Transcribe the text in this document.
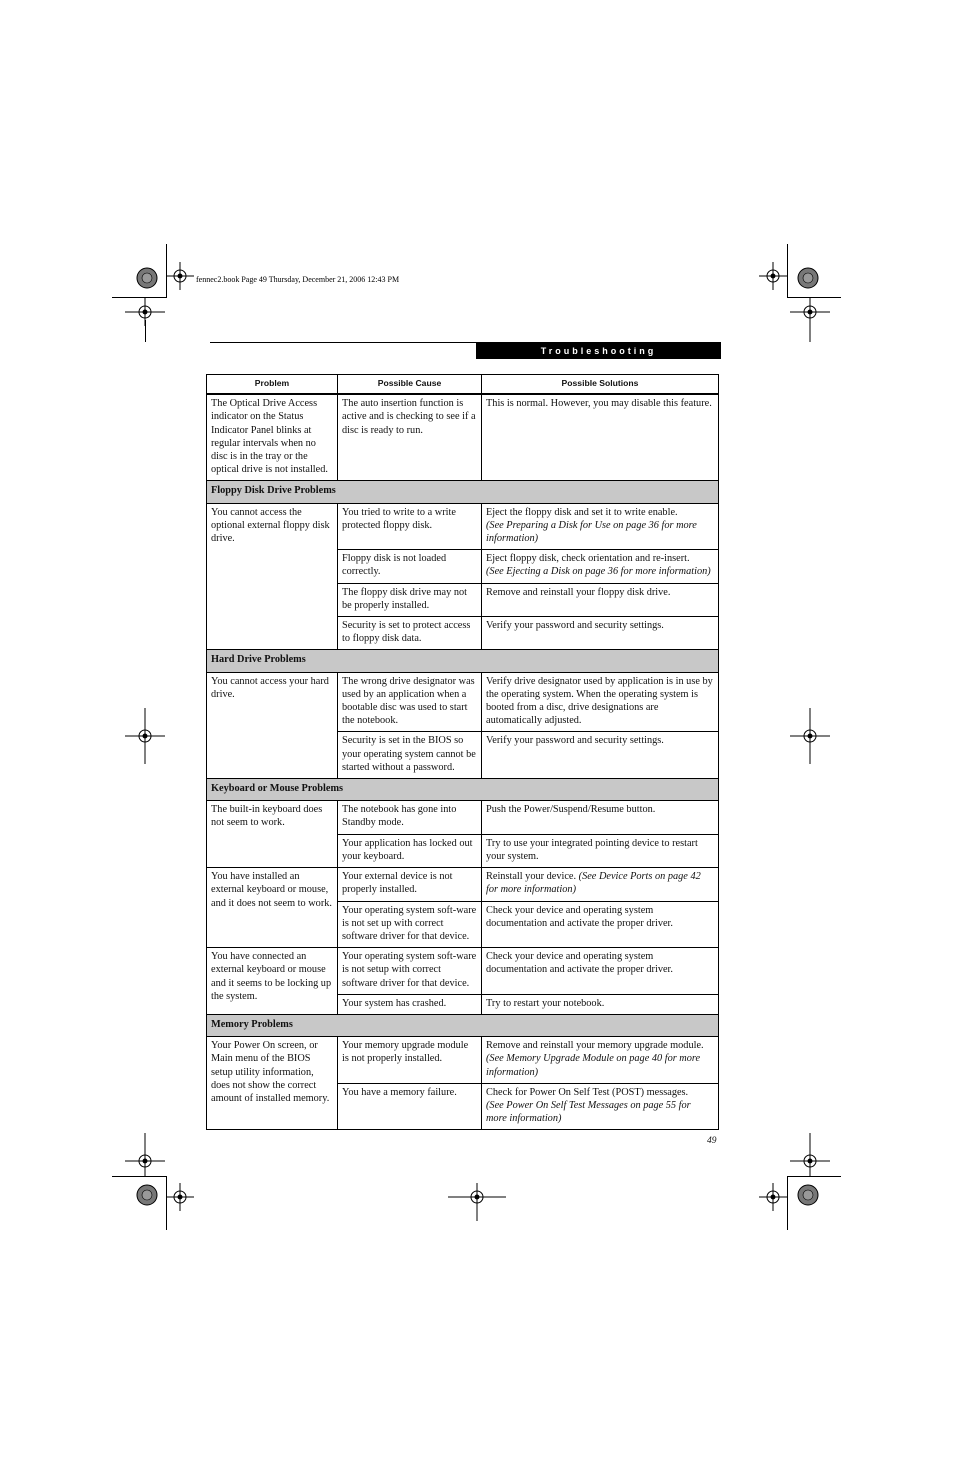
fennec2.book Page 49 Thursday, December 21, 2006 12:43 PM
Troubleshooting
Problem	Possible Cause	Possible Solutions

The Optical Drive Access indicator on the Status Indicator Panel blinks at regular intervals when no disc is in the tray or the optical drive is not installed.	The auto insertion function is active and is checking to see if a disc is ready to run.	This is normal. However, you may disable this feature.
Floppy Disk Drive Problems		
You cannot access the optional external floppy disk drive.	You tried to write to a write protected floppy disk.	Eject the floppy disk and set it to write enable.
(See Preparing a Disk for Use on page 36 for more information)
	Floppy disk is not loaded correctly.	Eject floppy disk, check orientation and re-insert.
(See Ejecting a Disk on page 36 for more information)
	The floppy disk drive may not be properly installed.	Remove and reinstall your floppy disk drive.
	Security is set to protect access to floppy disk data.	Verify your password and security settings.
Hard Drive Problems		
You cannot access your hard drive.	The wrong drive designator was used by an application when a bootable disc was used to start the notebook.	Verify drive designator used by application is in use by the operating system. When the operating system is booted from a disc, drive designations are automatically adjusted.
	Security is set in the BIOS so your operating system cannot be started without a password.	Verify your password and security settings.
Keyboard or Mouse Problems		
The built-in keyboard does not seem to work.	The notebook has gone into Standby mode.	Push the Power/Suspend/Resume button.
	Your application has locked out your keyboard.	Try to use your integrated pointing device to restart your system.
You have installed an external keyboard or mouse, and it does not seem to work.	Your external device is not properly installed.	Reinstall your device. (See Device Ports on page 42 for more information)
	Your operating system soft-ware is not set up with correct software driver for that device.	Check your device and operating system documentation and activate the proper driver.
You have connected an external keyboard or mouse and it seems to be locking up the system.	Your operating system soft-ware is not setup with correct software driver for that device.	Check your device and operating system documentation and activate the proper driver.
	Your system has crashed.	Try to restart your notebook.
Memory Problems		
Your Power On screen, or Main menu of the BIOS setup utility information, does not show the correct amount of installed memory.	Your memory upgrade module is not properly installed.	Remove and reinstall your memory upgrade module. (See Memory Upgrade Module on page 40 for more information)
	You have a memory failure.	Check for Power On Self Test (POST) messages.
(See Power On Self Test Messages on page 55 for more information)
49
